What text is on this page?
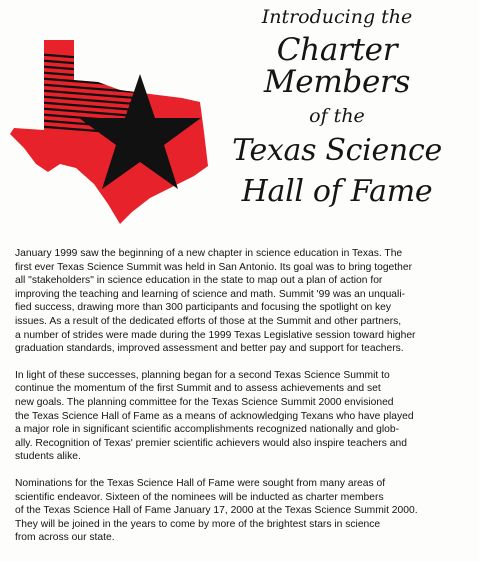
Introducing the
Charter Members
of the
Texas Science
Hall of Fame

January 1999 saw the beginning of a new chapter in science education in Texas. The
first ever Texas Science Summit was held in San Antonio. Its goal was to bring together
all "stakeholders" in science education in the state to map out a plan of action for
improving the teaching and learning of science and math. Summit '99 was an unquali-
fied success, drawing more than 300 participants and focusing the spotlight on key
issues. As a result of the dedicated efforts of those at the Summit and other partners,
a number of strides were made during the 1999 Texas Legislative session toward higher
graduation standards, improved assessment and better pay and support for teachers.

In light of these successes, planning began for a second Texas Science Summit to
continue the momentum of the first Summit and to assess achievements and set
new goals. The planning committee for the Texas Science Summit 2000 envisioned
the Texas Science Hall of Fame as a means of acknowledging Texans who have played
a major role in significant scientific accomplishments recognized nationally and glob-
ally. Recognition of Texas' premier scientific achievers would also inspire teachers and
students alike.

Nominations for the Texas Science Hall of Fame were sought from many areas of
scientific endeavor. Sixteen of the nominees will be inducted as charter members
of the Texas Science Hall of Fame January 17, 2000 at the Texas Science Summit 2000.
They will be joined in the years to come by more of the brightest stars in science
from across our state.
